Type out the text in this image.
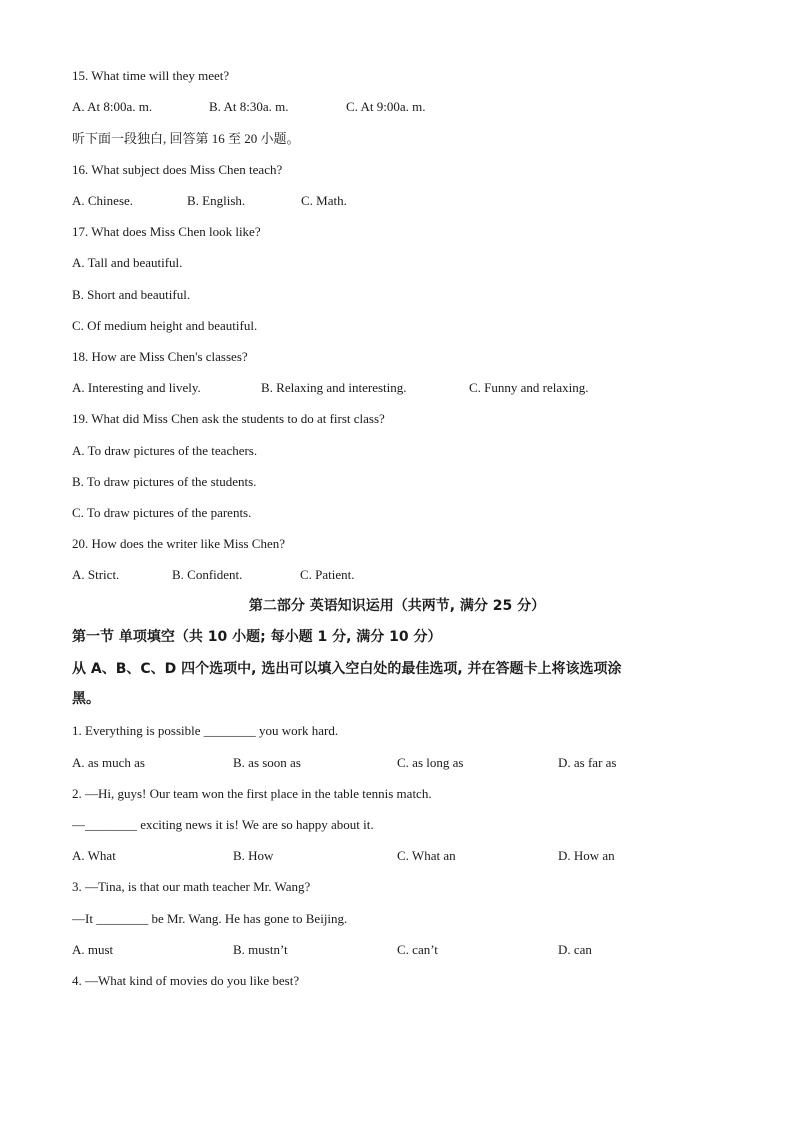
15. What time will they meet?
A. At 8:00a. m.	B. At 8:30a. m.	C. At 9:00a. m.
听下面一段独白, 回答第 16 至 20 小题。
16. What subject does Miss Chen teach?
A. Chinese.	B. English.	C. Math.
17. What does Miss Chen look like?
A. Tall and beautiful.
B. Short and beautiful.
C. Of medium height and beautiful.
18. How are Miss Chen's classes?
A. Interesting and lively.	B. Relaxing and interesting.	C. Funny and relaxing.
19. What did Miss Chen ask the students to do at first class?
A. To draw pictures of the teachers.
B. To draw pictures of the students.
C. To draw pictures of the parents.
20. How does the writer like Miss Chen?
A. Strict.	B. Confident.	C. Patient.
第二部分 英语知识运用（共两节, 满分 25 分）
第一节 单项填空（共 10 小题; 每小题 1 分, 满分 10 分）
从 A、B、C、D 四个选项中, 选出可以填入空白处的最佳选项, 并在答题卡上将该选项涂
黑。
1. Everything is possible ________ you work hard.
A. as much as	B. as soon as	C. as long as	D. as far as
2. —Hi, guys! Our team won the first place in the table tennis match.
—________ exciting news it is! We are so happy about it.
A. What	B. How	C. What an	D. How an
3. —Tina, is that our math teacher Mr. Wang?
—It ________ be Mr. Wang. He has gone to Beijing.
A. must	B. mustn’t	C. can’t	D. can
4. —What kind of movies do you like best?
